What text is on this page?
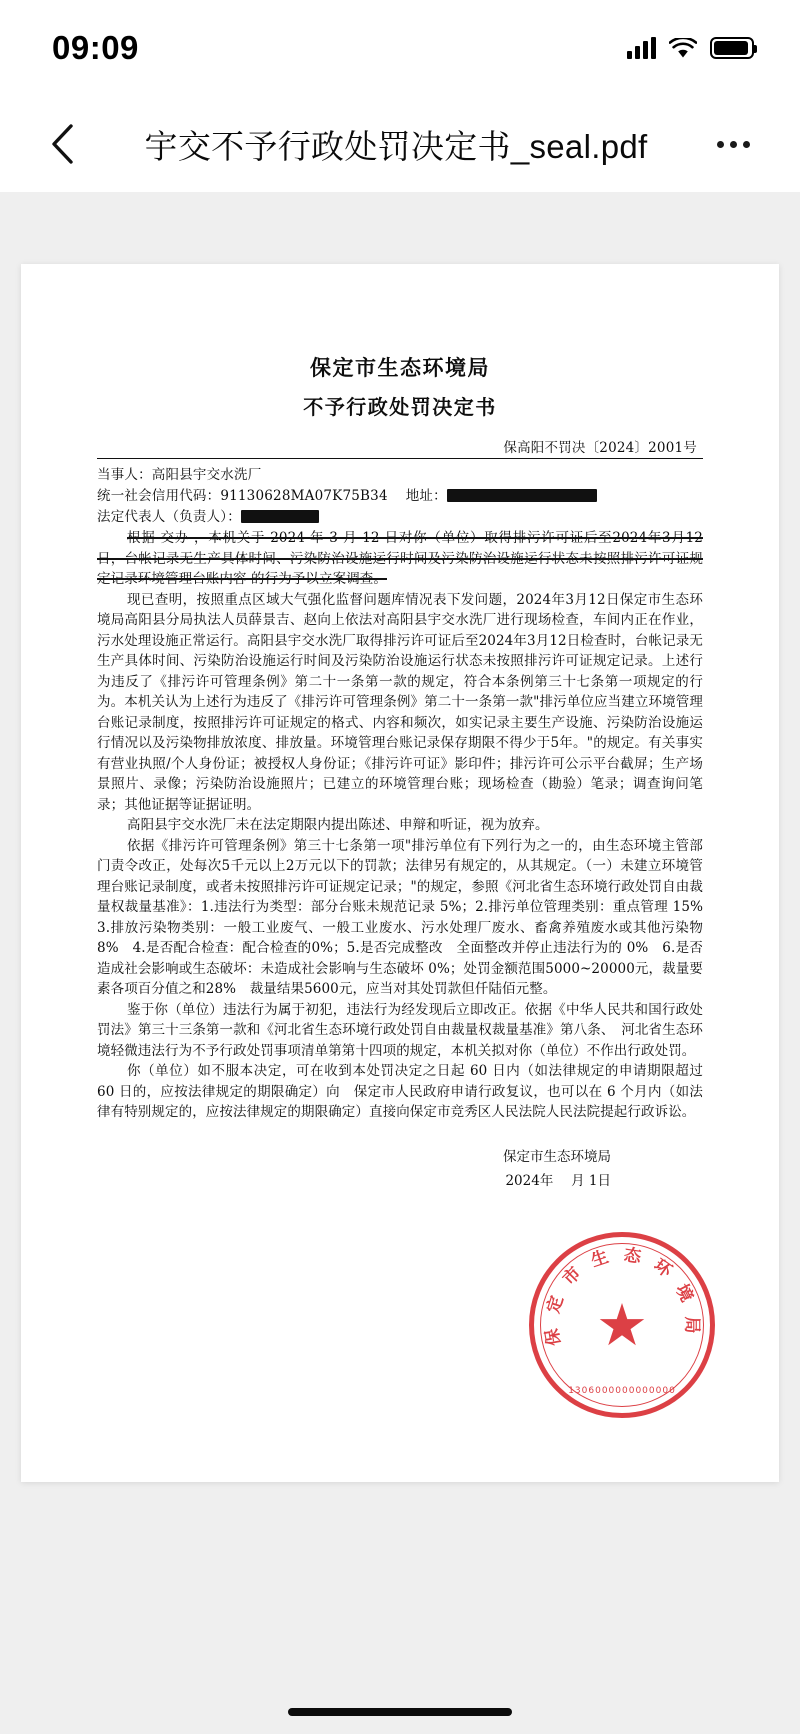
09:09
宇交不予行政处罚决定书_seal.pdf
保定市生态环境局
不予行政处罚决定书
保高阳不罚决〔2024〕2001号
当事人：高阳县宇交水洗厂
统一社会信用代码：91130628MA07K75B34 地址：
法定代表人（负责人）：

根据 交办 ，本机关于 2024 年 3 月 12 日对你（单位）取得排污许可证后至2024年3月12日，台帐记录无生产具体时间、污染防治设施运行时间及污染防治设施运行状态未按照排污许可证规定记录环境管理台账内容 的行为予以立案调查。

现已查明，按照重点区域大气强化监督问题库情况表下发问题，2024年3月12日保定市生态环境局高阳县分局执法人员薛景吉、赵向上依法对高阳县宇交水洗厂进行现场检查，车间内正在作业，污水处理设施正常运行。高阳县宇交水洗厂取得排污许可证后至2024年3月12日检查时，台帐记录无生产具体时间、污染防治设施运行时间及污染防治设施运行状态未按照排污许可证规定记录。上述行为违反了《排污许可管理条例》第二十一条第一款的规定，符合本条例第三十七条第一项规定的行为。本机关认为上述行为违反了《排污许可管理条例》第二十一条第一款"排污单位应当建立环境管理台账记录制度，按照排污许可证规定的格式、内容和频次，如实记录主要生产设施、污染防治设施运行情况以及污染物排放浓度、排放量。环境管理台账记录保存期限不得少于5年。"的规定。有关事实有营业执照/个人身份证；被授权人身份证；《排污许可证》影印件；排污许可公示平台截屏；生产场景照片、录像；污染防治设施照片；已建立的环境管理台账；现场检查（勘验）笔录；调查询问笔录；其他证据等证据证明。

高阳县宇交水洗厂未在法定期限内提出陈述、申辩和听证，视为放弃。

依据《排污许可管理条例》第三十七条第一项"排污单位有下列行为之一的，由生态环境主管部门责令改正，处每次5千元以上2万元以下的罚款；法律另有规定的，从其规定。（一）未建立环境管理台账记录制度，或者未按照排污许可证规定记录；"的规定，参照《河北省生态环境行政处罚自由裁量权裁量基准》：1.违法行为类型：部分台账未规范记录 5%；2.排污单位管理类别：重点管理 15%　3.排放污染物类别：一般工业废气、一般工业废水、污水处理厂废水、畜禽养殖废水或其他污染物 8%　4.是否配合检查：配合检查的0%；5.是否完成整改　全面整改并停止违法行为的 0%　6.是否造成社会影响或生态破坏：未造成社会影响与生态破坏 0%；处罚金额范围5000~20000元，裁量要素各项百分值之和28%　裁量结果5600元，应当对其处罚款但仟陆佰元整。

鉴于你（单位）违法行为属于初犯，违法行为经发现后立即改正。依据《中华人民共和国行政处罚法》第三十三条第一款和《河北省生态环境行政处罚自由裁量权裁量基准》第八条、　河北省生态环境轻微违法行为不予行政处罚事项清单第第十四项的规定，本机关拟对你（单位）不作出行政处罚。

你（单位）如不服本决定，可在收到本处罚决定之日起 60 日内（如法律规定的申请期限超过 60 日的，应按法律规定的期限确定）向　保定市人民政府申请行政复议，也可以在 6 个月内（如法律有特别规定的，应按法律规定的期限确定）直接向保定市竞秀区人民法院人民法院提起行政诉讼。

保定市生态环境局
2024年 　月 1日
保
定
市
生 态 环
境
局
★
1306000000000000
